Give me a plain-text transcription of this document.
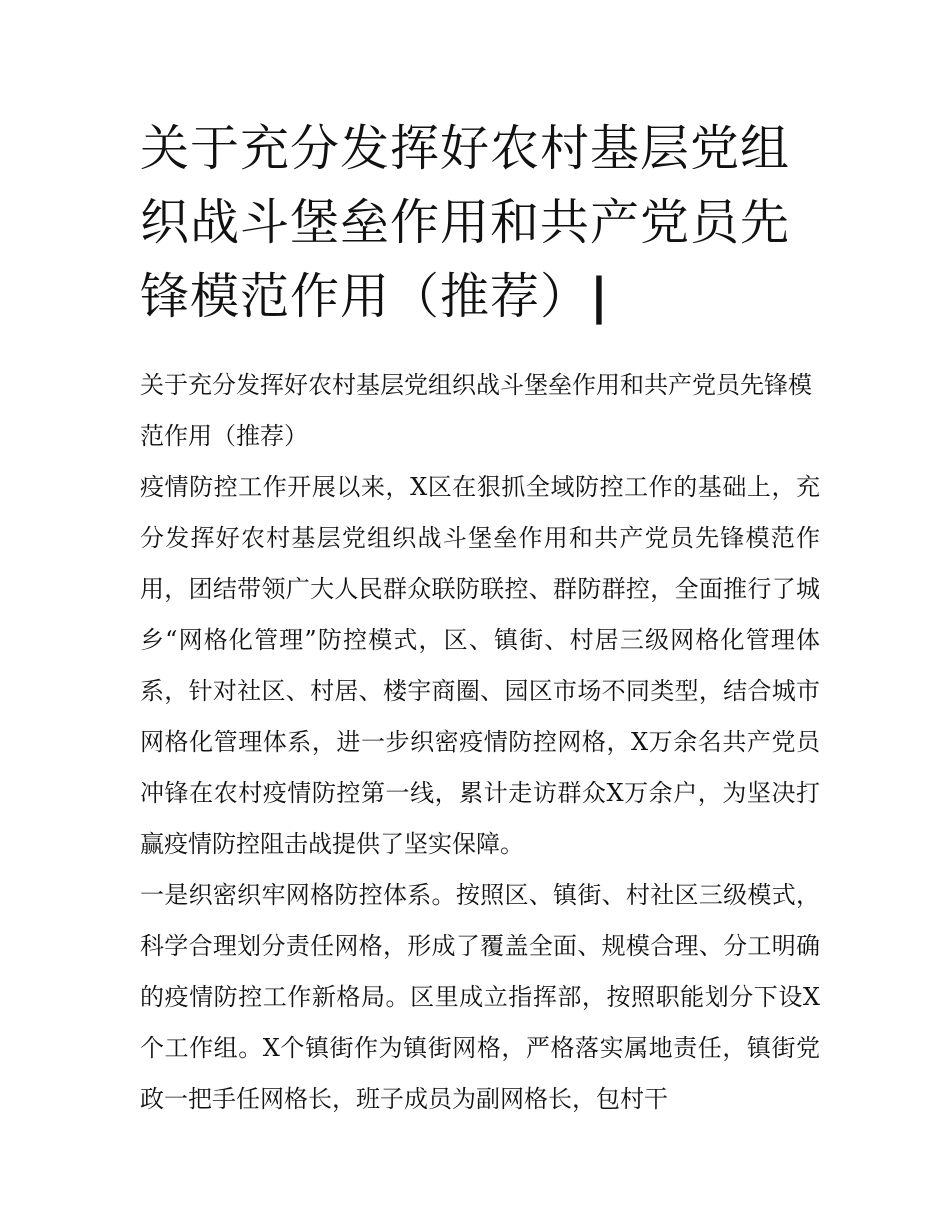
关于充分发挥好农村基层党组织战斗堡垒作用和共产党员先锋模范作用（推荐）|

关于充分发挥好农村基层党组织战斗堡垒作用和共产党员先锋模范作用（推荐）

疫情防控工作开展以来，X区在狠抓全域防控工作的基础上，充分发挥好农村基层党组织战斗堡垒作用和共产党员先锋模范作用，团结带领广大人民群众联防联控、群防群控，全面推行了城乡“网格化管理”防控模式，区、镇街、村居三级网格化管理体系，针对社区、村居、楼宇商圈、园区市场不同类型，结合城市网格化管理体系，进一步织密疫情防控网格，X万余名共产党员冲锋在农村疫情防控第一线，累计走访群众X万余户，为坚决打赢疫情防控阻击战提供了坚实保障。

一是织密织牢网格防控体系。按照区、镇街、村社区三级模式，科学合理划分责任网格，形成了覆盖全面、规模合理、分工明确的疫情防控工作新格局。区里成立指挥部，按照职能划分下设X个工作组。X个镇街作为镇街网格，严格落实属地责任，镇街党政一把手任网格长，班子成员为副网格长，包村干
